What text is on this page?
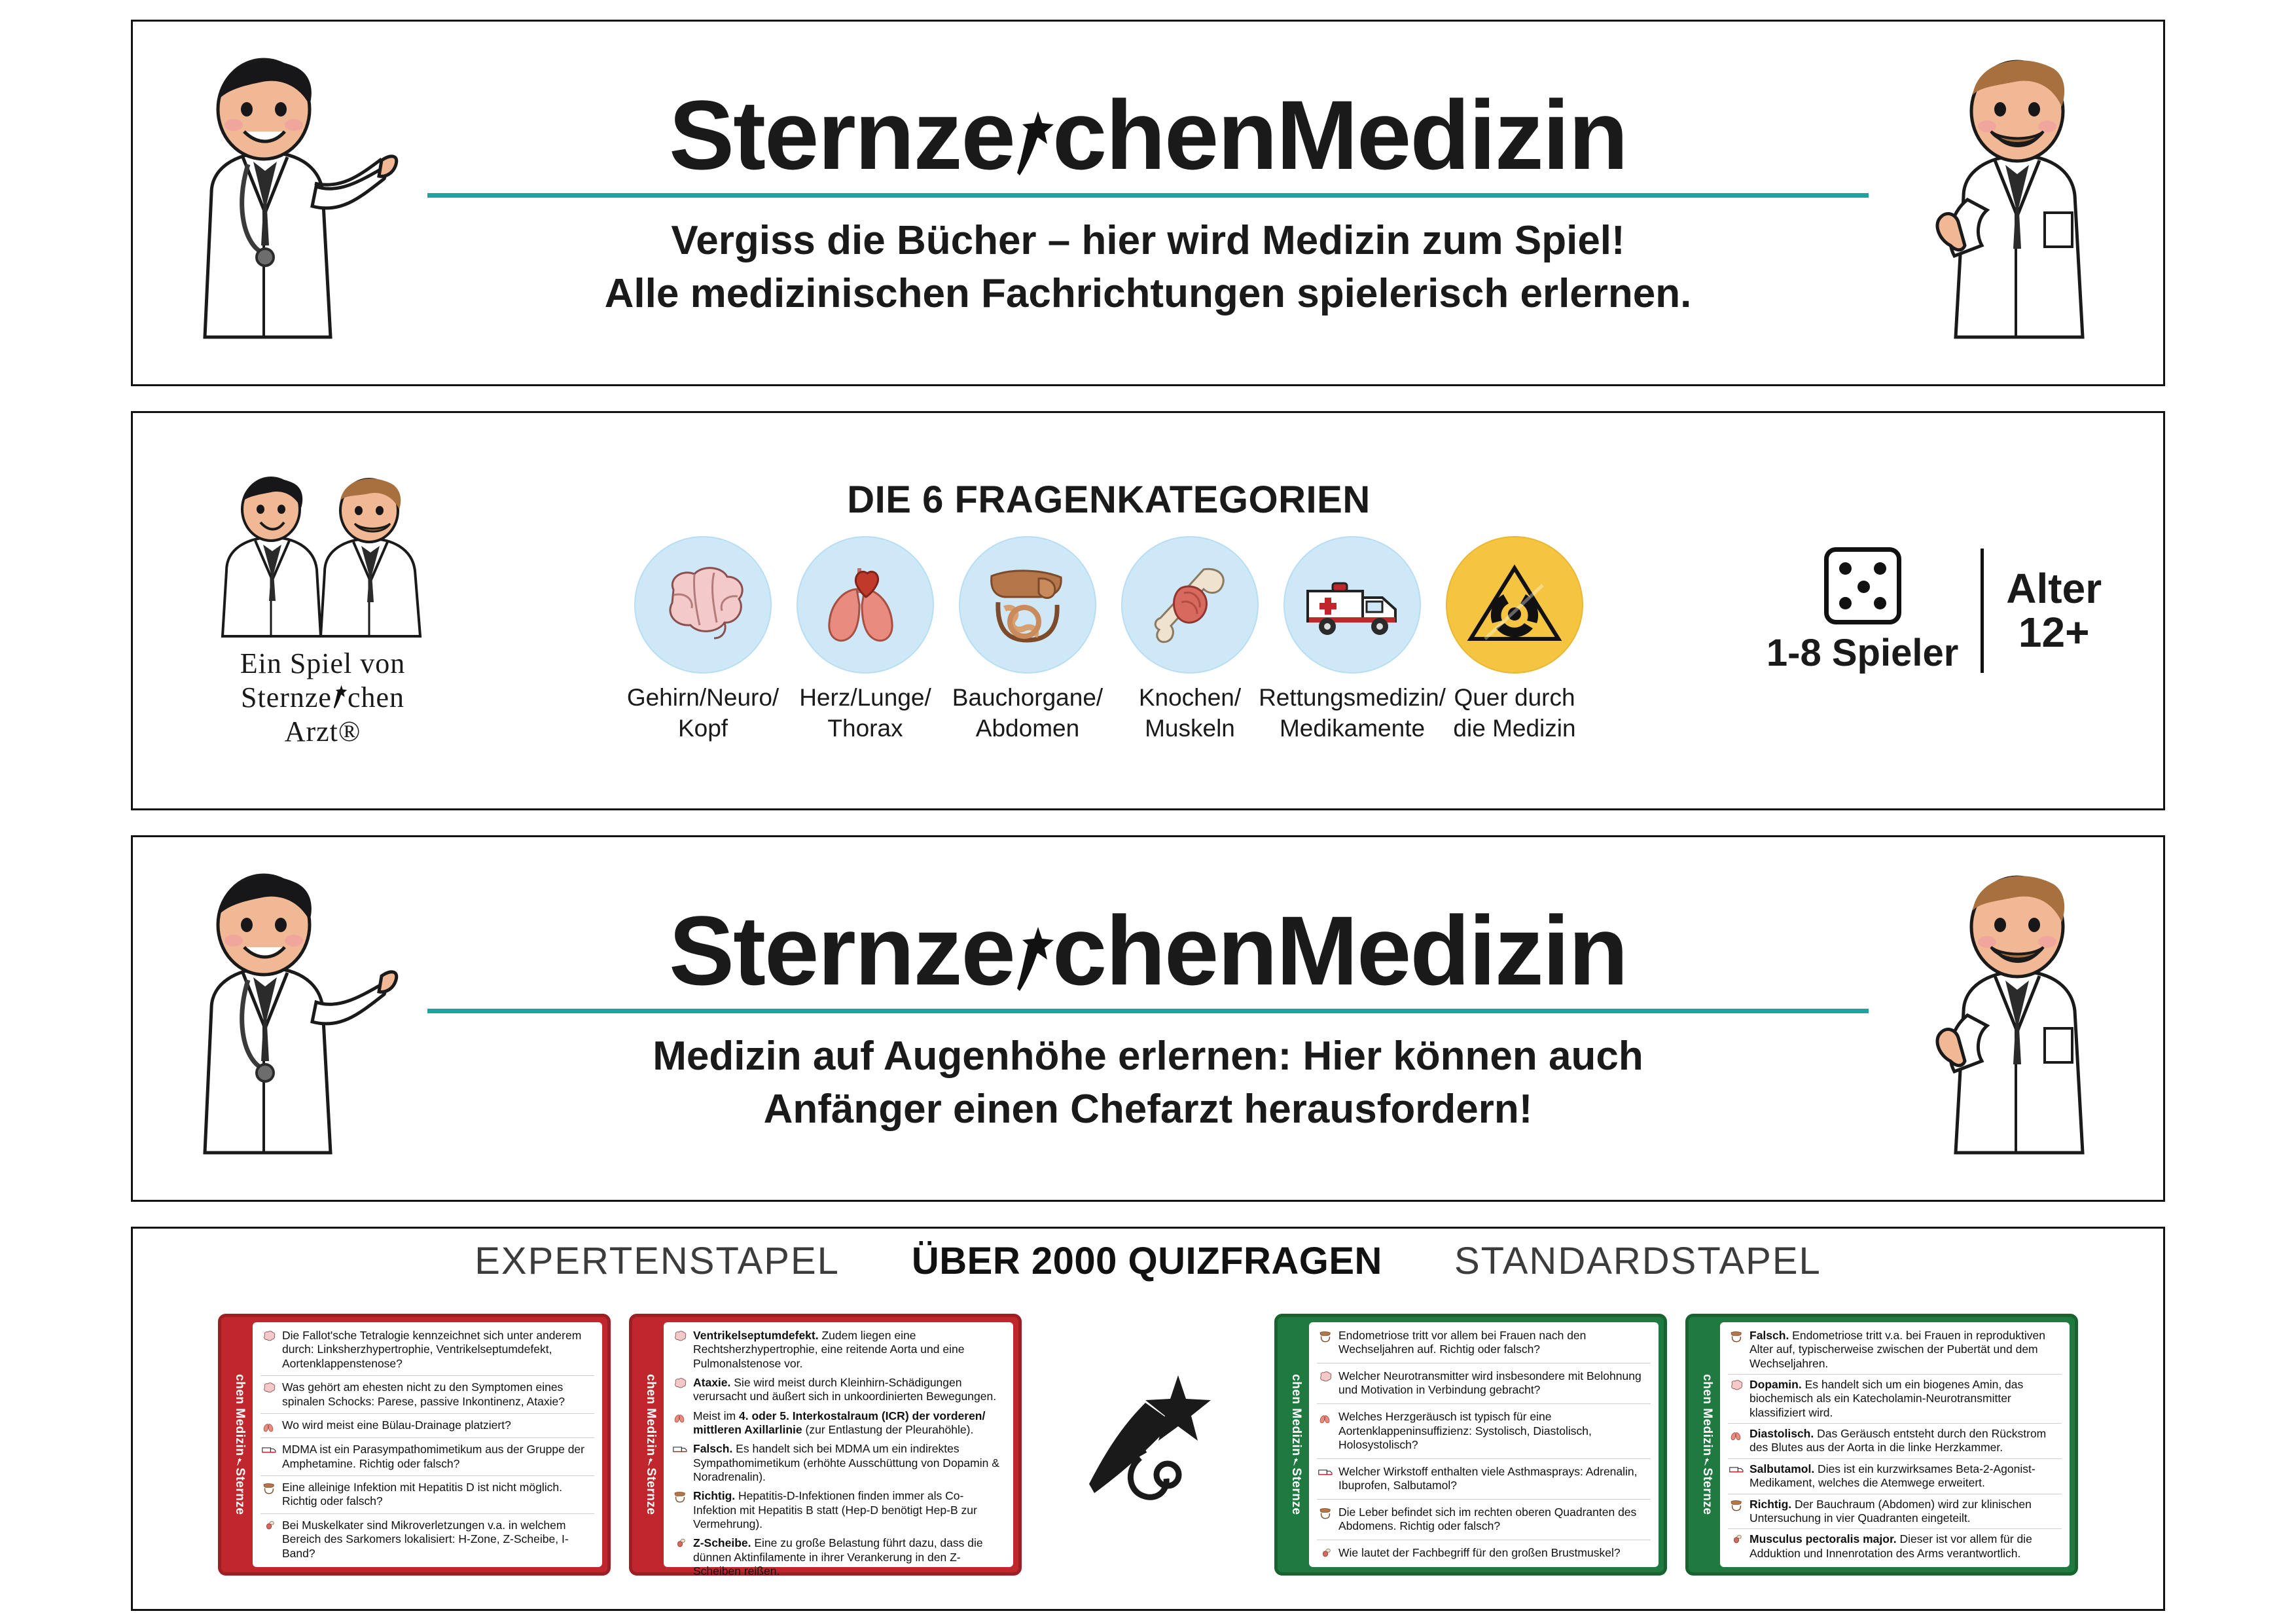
Sternze chen Medizin
Vergiss die Bücher – hier wird Medizin zum Spiel!
Alle medizinischen Fachrichtungen spielerisch erlernen.
Ein Spiel von
Sternze chen
Arzt®
DIE 6 FRAGENKATEGORIEN
Gehirn/Neuro/
Kopf
Herz/Lunge/
Thorax
Bauchorgane/
Abdomen
Knochen/
Muskeln
Rettungsmedizin/
Medikamente
Quer durch
die Medizin
1-8 Spieler
Alter
12+
Sternze chen Medizin
Medizin auf Augenhöhe erlernen: Hier können auch
Anfänger einen Chefarzt herausfordern!
EXPERTENSTAPEL ÜBER 2000 QUIZFRAGEN STANDARDSTAPEL
Sternze
chen Medizin
Die Fallot'sche Tetralogie kennzeichnet sich unter anderem durch: Linksherzhypertrophie, Ventrikelseptumdefekt, Aortenklappenstenose?
Was gehört am ehesten nicht zu den Symptomen eines spinalen Schocks: Parese, passive Inkontinenz, Ataxie?
Wo wird meist eine Bülau-Drainage platziert?
MDMA ist ein Parasympathomimetikum aus der Gruppe der Amphetamine. Richtig oder falsch?
Eine alleinige Infektion mit Hepatitis D ist nicht möglich. Richtig oder falsch?
Bei Muskelkater sind Mikroverletzungen v.a. in welchem Bereich des Sarkomers lokalisiert: H-Zone, Z-Scheibe, I-Band?
Sternze
chen Medizin
Ventrikelseptumdefekt. Zudem liegen eine Rechtsherzhypertrophie, eine reitende Aorta und eine Pulmonalstenose vor.
Ataxie. Sie wird meist durch Kleinhirn-Schädigungen verursacht und äußert sich in unkoordinierten Bewegungen.
Meist im 4. oder 5. Interkostalraum (ICR) der vorderen/ mittleren Axillarlinie (zur Entlastung der Pleurahöhle).
Falsch. Es handelt sich bei MDMA um ein indirektes Sympathomimetikum (erhöhte Ausschüttung von Dopamin & Noradrenalin).
Richtig. Hepatitis-D-Infektionen finden immer als Co-Infektion mit Hepatitis B statt (Hep-D benötigt Hep-B zur Vermehrung).
Z-Scheibe. Eine zu große Belastung führt dazu, dass die dünnen Aktinfilamente in ihrer Verankerung in den Z-Scheiben reißen.
Sternze
chen Medizin
Endometriose tritt vor allem bei Frauen nach den Wechseljahren auf. Richtig oder falsch?
Welcher Neurotransmitter wird insbesondere mit Belohnung und Motivation in Verbindung gebracht?
Welches Herzgeräusch ist typisch für eine Aortenklappeninsuffizienz: Systolisch, Diastolisch, Holosystolisch?
Welcher Wirkstoff enthalten viele Asthmasprays: Adrenalin, Ibuprofen, Salbutamol?
Die Leber befindet sich im rechten oberen Quadranten des Abdomens. Richtig oder falsch?
Wie lautet der Fachbegriff für den großen Brustmuskel?
Sternze
chen Medizin
Falsch. Endometriose tritt v.a. bei Frauen in reproduktiven Alter auf, typischerweise zwischen der Pubertät und dem Wechseljahren.
Dopamin. Es handelt sich um ein biogenes Amin, das biochemisch als ein Katecholamin-Neurotransmitter klassifiziert wird.
Diastolisch. Das Geräusch entsteht durch den Rückstrom des Blutes aus der Aorta in die linke Herzkammer.
Salbutamol. Dies ist ein kurzwirksames Beta-2-Agonist-Medikament, welches die Atemwege erweitert.
Richtig. Der Bauchraum (Abdomen) wird zur klinischen Untersuchung in vier Quadranten eingeteilt.
Musculus pectoralis major. Dieser ist vor allem für die Adduktion und Innenrotation des Arms verantwortlich.
